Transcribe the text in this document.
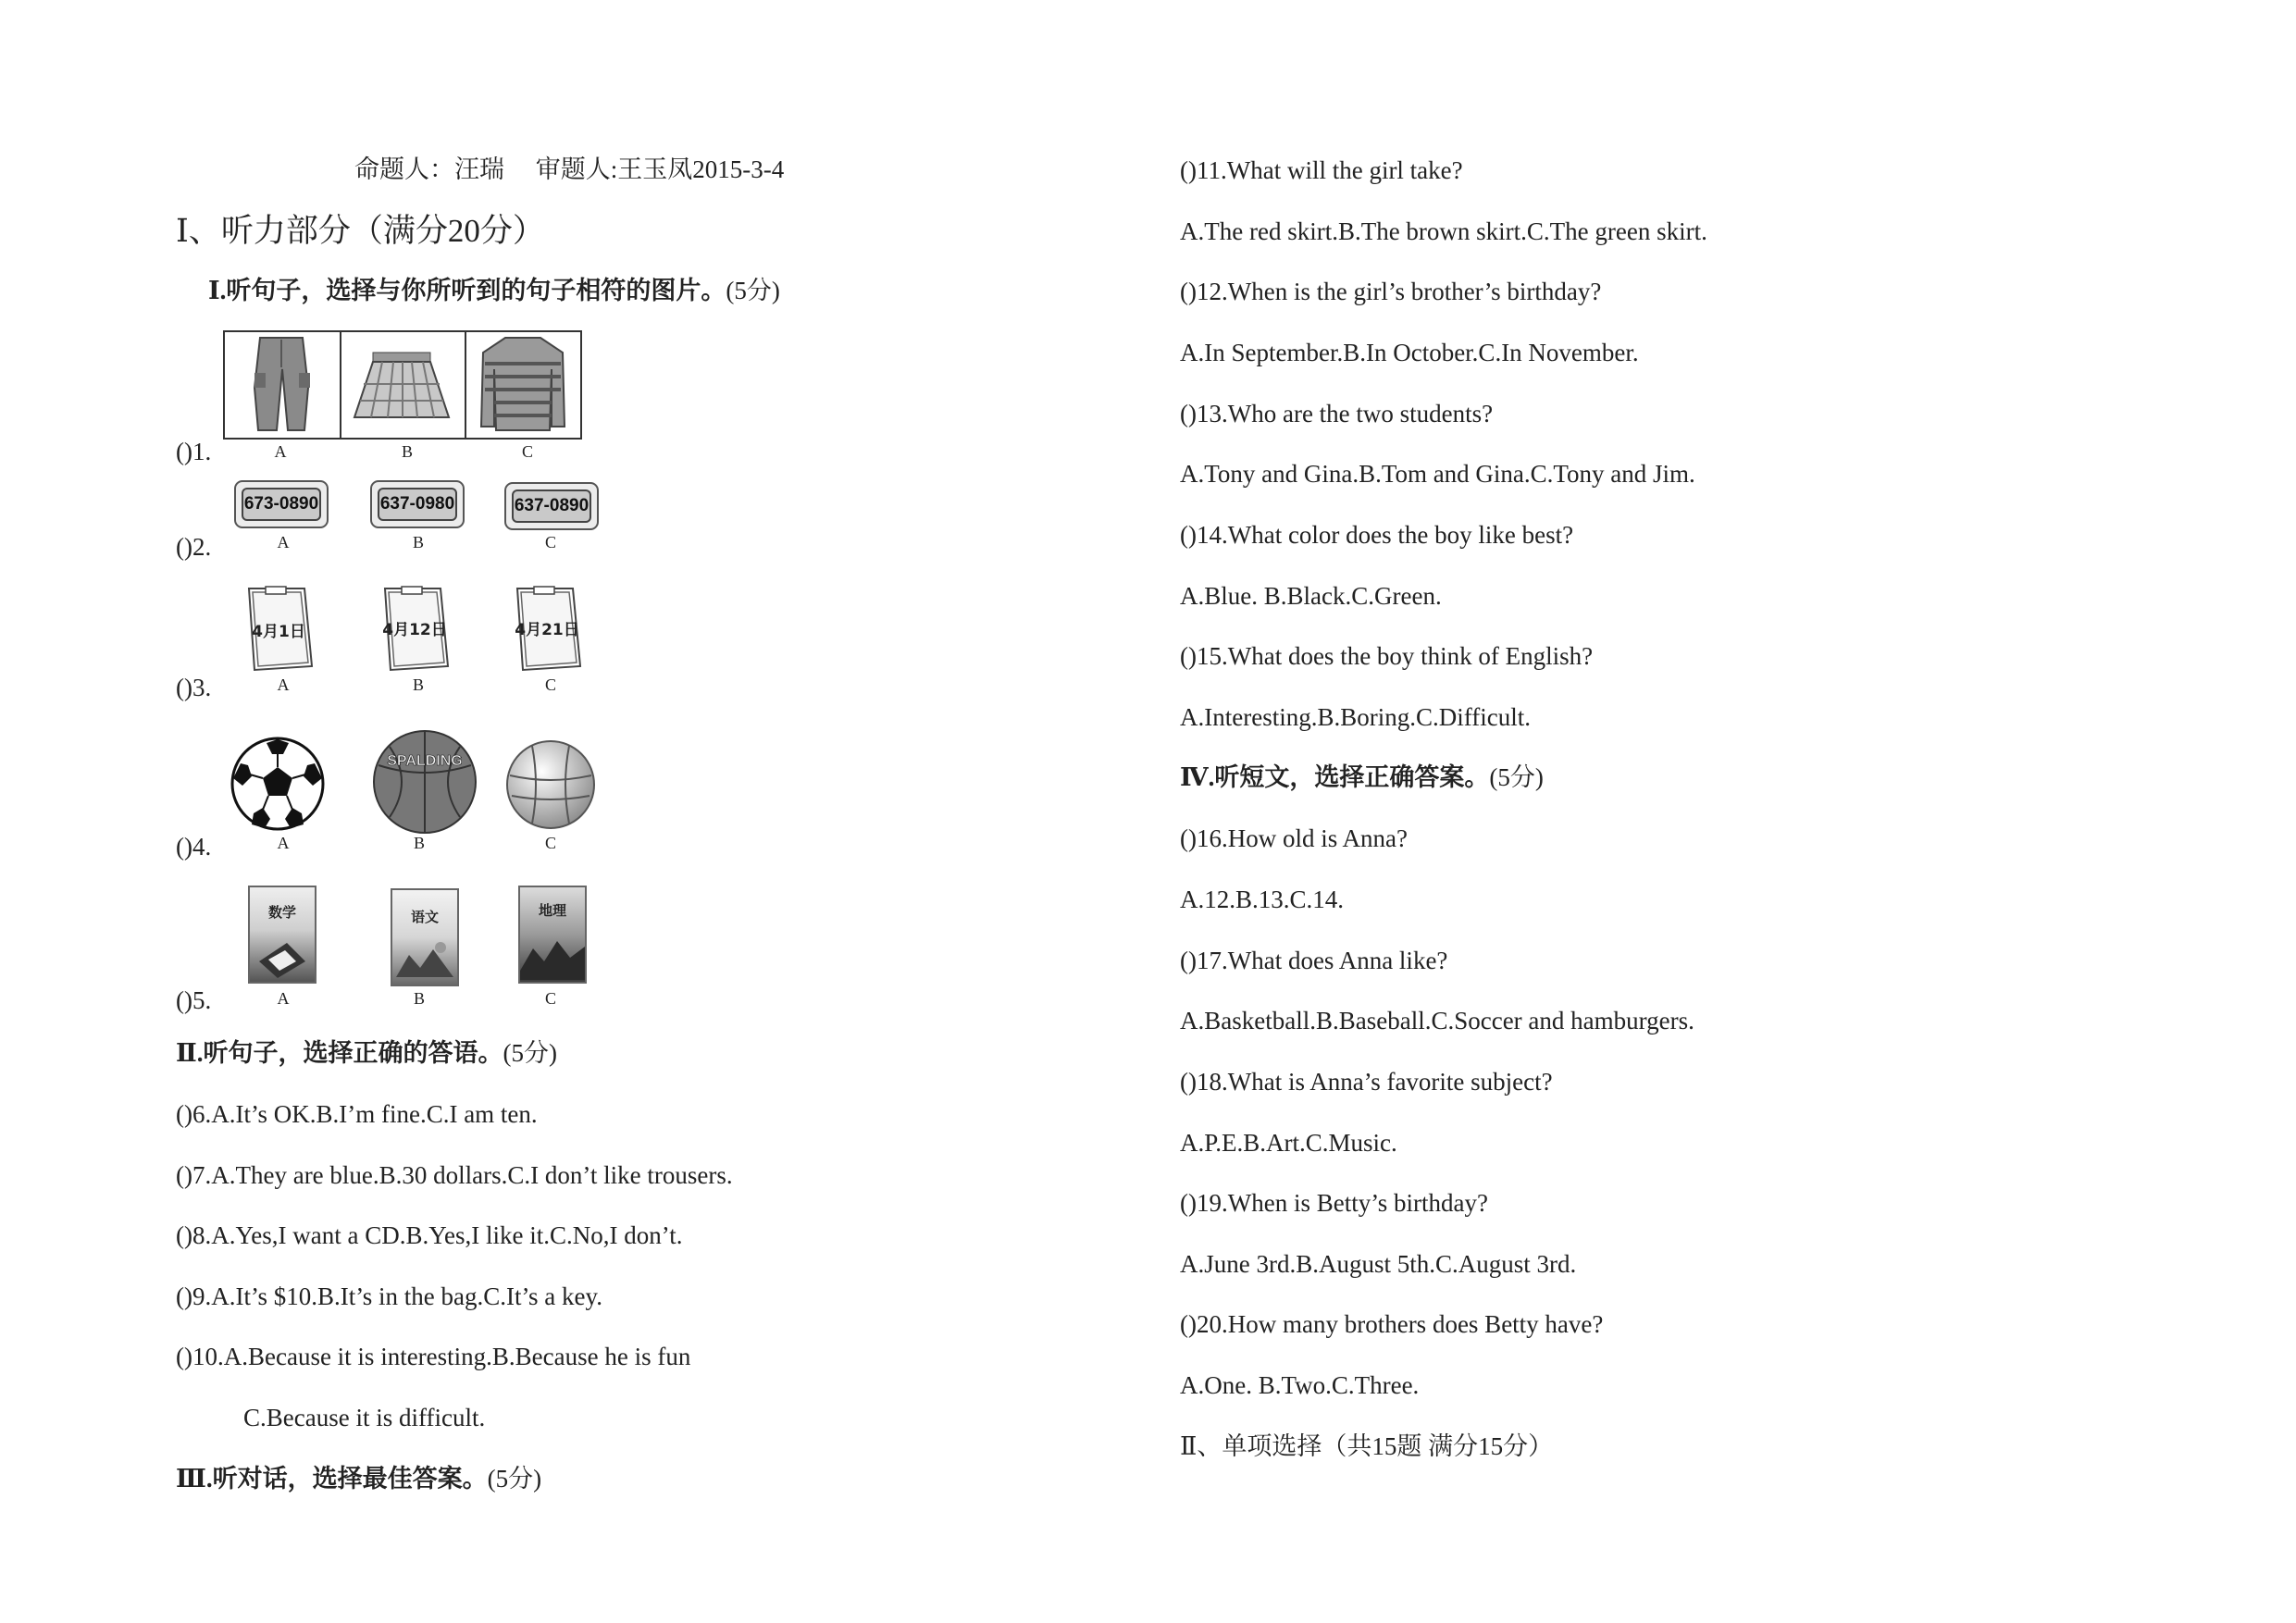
命题人：汪瑞     审题人:王玉凤2015-3-4
Ⅰ、听力部分（满分20分）
Ⅰ.听句子，选择与你所听到的句子相符的图片。(5分)
()1.	A	B	C
673-0890	637-0980	637-0890
()2.	A	B	C
4月1日	4月12日	4月21日
()3.	A	B	C
SPALDING
()4.	A	B	C
数学	语文	地理
()5.	A	B	C
Ⅱ.听句子，选择正确的答语。(5分)
()6.A.It’s OK.B.I’m fine.C.I am ten.
()7.A.They are blue.B.30 dollars.C.I don’t like trousers.
()8.A.Yes,I want a CD.B.Yes,I like it.C.No,I don’t.
()9.A.It’s $10.B.It’s in the bag.C.It’s a key.
()10.A.Because it is interesting.B.Because he is fun
C.Because it is difficult.
Ⅲ.听对话，选择最佳答案。(5分)
()11.What will the girl take?
A.The red skirt.B.The brown skirt.C.The green skirt.
()12.When is the girl’s brother’s birthday?
A.In September.B.In October.C.In November.
()13.Who are the two students?
A.Tony and Gina.B.Tom and Gina.C.Tony and Jim.
()14.What color does the boy like best?
A.Blue. B.Black.C.Green.
()15.What does the boy think of English?
A.Interesting.B.Boring.C.Difficult.
Ⅳ.听短文，选择正确答案。(5分)
()16.How old is Anna?
A.12.B.13.C.14.
()17.What does Anna like?
A.Basketball.B.Baseball.C.Soccer and hamburgers.
()18.What is Anna’s favorite subject?
A.P.E.B.Art.C.Music.
()19.When is Betty’s birthday?
A.June 3rd.B.August 5th.C.August 3rd.
()20.How many brothers does Betty have?
A.One. B.Two.C.Three.
Ⅱ、单项选择（共15题 满分15分）
